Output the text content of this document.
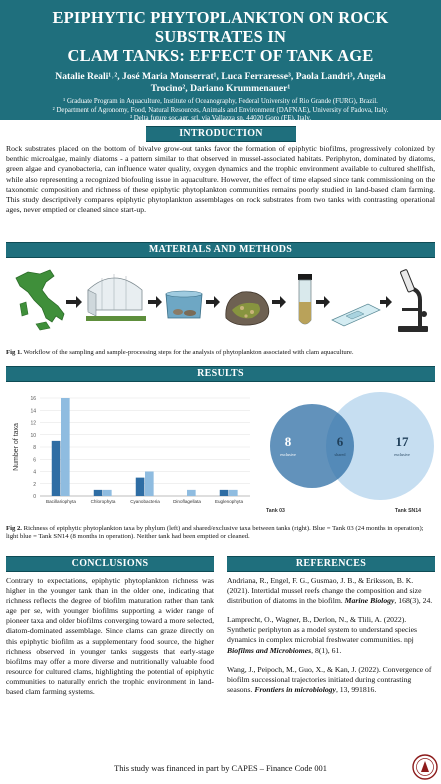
EPIPHYTIC PHYTOPLANKTON ON ROCK SUBSTRATES IN
CLAM TANKS: EFFECT OF TANK AGE
Natalie Reali¹˒², José Maria Monserrat¹, Luca Ferraresse³, Paola Landri³, Angela
Trocino², Dariano Krummenauer¹
¹ Graduate Program in Aquaculture, Institute of Oceanography, Federal University of Rio Grande (FURG), Brazil.
² Department of Agronomy, Food, Natural Resources, Animals and Environment (DAFNAE), University of Padova, Italy.
³ Delta future soc.agr. srl, via Vallazza sn. 44020 Goro (FE), Italy.
INTRODUCTION
Rock substrates placed on the bottom of bivalve grow-out tanks favor the formation of epiphytic biofilms, progressively colonized by benthic microalgae, mainly diatoms - a pattern similar to that observed in mussel-associated habitats. Periphyton, dominated by diatoms, green algae and cyanobacteria, can influence water quality, oxygen dynamics and the trophic environment available to cultured shellfish, while also representing a recognized biofouling issue in aquaculture. However, the effect of time elapsed since tank commissioning on the taxonomic composition and richness of these epiphytic phytoplankton communities remains poorly studied in land-based clam farming. This study descriptively compares epiphytic phytoplankton assemblages on rock substrates from two tanks with contrasting operational ages, never emptied or cleaned since start-up.
MATERIALS AND METHODS
Fig 1. Workflow of the sampling and sample-processing steps for the analysis of phytoplankton associated with clam aquaculture.
RESULTS
0
2
4
6
8
10
12
14
16
Bacillariophyta	Chlorophyta	Cyanobacteria	Dinoflagellata	Euglenophyta
Number of taxa	8
exclusive
6
shared
17
exclusive
Tank 03	Tank SN14
Fig 2. Richness of epiphytic phytoplankton taxa by phylum (left) and shared/exclusive taxa between tanks (right). Blue = Tank 03 (24 months in operation); light blue = Tank SN14 (8 months in operation). Neither tank had been emptied or cleaned.
CONCLUSIONS	REFERENCES
Contrary to expectations, epiphytic phytoplankton richness was higher in the younger tank than in the older one, indicating that richness reflects the degree of biofilm maturation rather than tank age per se, with younger biofilms supporting a wider range of pioneer taxa and older biofilms converging toward a more selected, diatom-dominated assemblage. Since clams can graze directly on this epiphytic biofilm as a supplementary food source, the higher richness observed in younger tanks suggests that early-stage biofilms may offer a more diverse and nutritionally valuable food resource for cultured clams, highlighting the potential of epiphytic communities to naturally enrich the trophic environment in land-based clam farming systems.
Andriana, R., Engel, F. G., Gusmao, J. B., & Eriksson, B. K. (2021). Intertidal mussel reefs change the composition and size distribution of diatoms in the biofilm. Marine Biology, 168(3), 24.
Lamprecht, O., Wagner, B., Derlon, N., & Tlili, A. (2022). Synthetic periphyton as a model system to understand species dynamics in complex microbial freshwater communities. npj Biofilms and Microbiomes, 8(1), 61.
Wang, J., Peipoch, M., Guo, X., & Kan, J. (2022). Convergence of biofilm successional trajectories initiated during contrasting seasons. Frontiers in microbiology, 13, 991816.
This study was financed in part by CAPES – Finance Code 001
